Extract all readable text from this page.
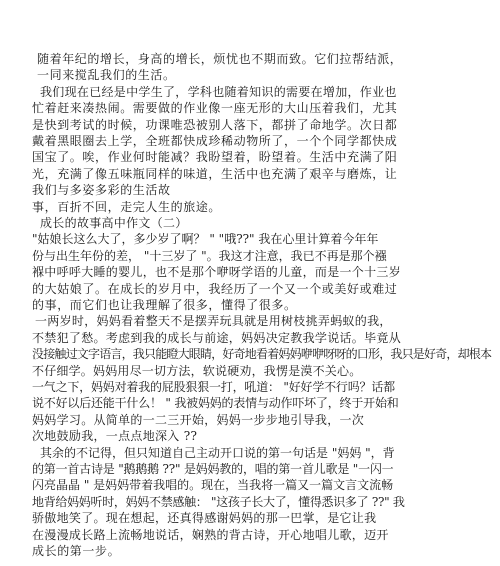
随着年纪的增长，身高的增长，烦忧也不期而致。它们拉帮结派，
一同来搅乱我们的生活。
我们现在已经是中学生了，学科也随着知识的需要在增加，作业也
忙着赶来凑热闹。需要做的作业像一座无形的大山压着我们，尤其
是快到考试的时候，功课唯恐被别人落下，都拼了命地学。次日都
戴着黑眼圈去上学，全班都快成珍稀动物所了，一个个同学都快成
国宝了。唉，作业何时能减？我盼望着，盼望着。生活中充满了阳
光，充满了像五味瓶同样的味道，生活中也充满了艰辛与磨炼，让
我们与多姿多彩的生活故
事，百折不回，走完人生的旅途。
成长的故事高中作文（二）
"姑娘长这么大了，多少岁了啊？ " "哦??" 我在心里计算着今年年
份与出生年份的差， "十三岁了 "。我这才注意，我已不再是那个襁
褓中呼呼大睡的婴儿，也不是那个咿呀学语的儿童，而是一个十三岁
的大姑娘了。在成长的岁月中，我经历了一个又一个或美好或难过
的事，而它们也让我理解了很多，懂得了很多。
一两岁时，妈妈看着整天不是摆弄玩具就是用树枝挑弄蚂蚁的我，
不禁犯了愁。考虑到我的成长与前途，妈妈决定教我学说话。毕竟从
没接触过文字语言，我只能瞪大眼睛，好奇地看着妈妈咿咿呀呀的口形，我只是好奇，却根本
不仔细学。妈妈用尽一切方法，软说硬劝，我愣是漠不关心。
一气之下，妈妈对着我的屁股狠狠一打，吼道： "好好学不行吗？话都
说不好以后还能干什么！ " 我被妈妈的表情与动作吓坏了，终于开始和
妈妈学习。从简单的一二三开始，妈妈一步步地引导我，一次
次地鼓励我，一点点地深入 ??
其余的不记得，但只知道自己主动开口说的第一句话是 "妈妈 "，背
的第一首古诗是 "鹅鹅鹅 ??" 是妈妈教的，唱的第一首儿歌是 "一闪一
闪亮晶晶 " 是妈妈带着我唱的。现在，当我将一篇又一篇文言文流畅
地背给妈妈听时，妈妈不禁感触： "这孩子长大了，懂得悉识多了 ??" 我
骄傲地笑了。现在想起，还真得感谢妈妈的那一巴掌，是它让我
在漫漫成长路上流畅地说话，娴熟的背古诗，开心地唱儿歌，迈开
成长的第一步。
